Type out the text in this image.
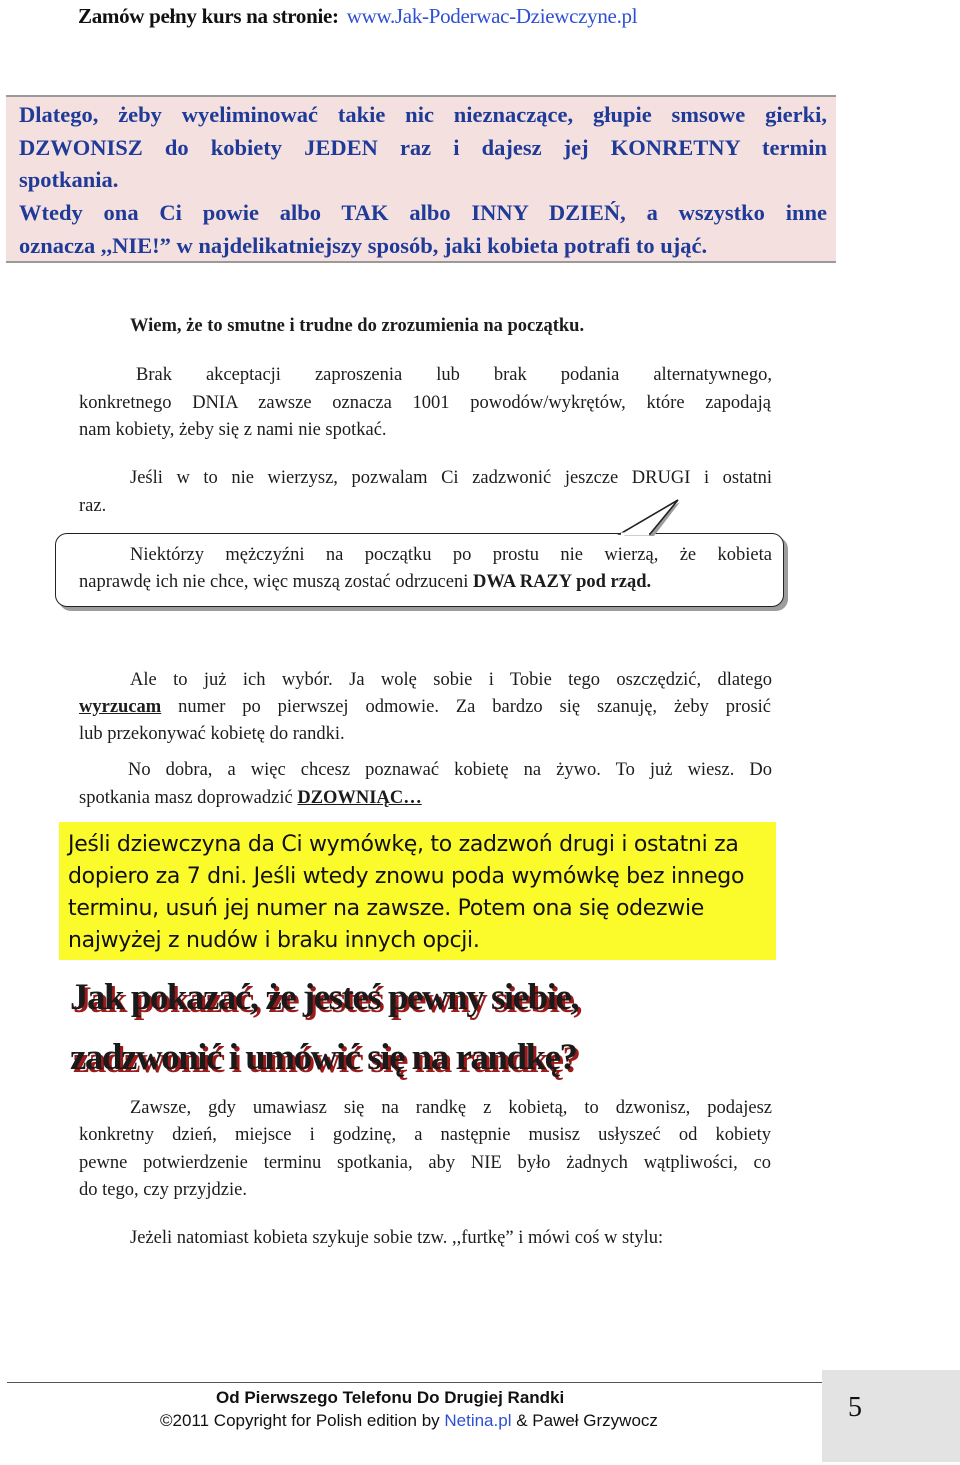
Zamów pełny kurs na stronie: www.Jak-Poderwac-Dziewczyne.pl
Dlatego, żeby wyeliminować takie nic nieznaczące, głupie smsowe gierki,
DZWONISZ do kobiety JEDEN raz i dajesz jej KONRETNY termin
spotkania.
Wtedy ona Ci powie albo TAK albo INNY DZIEŃ, a wszystko inne
oznacza ,,NIE!” w najdelikatniejszy sposób, jaki kobieta potrafi to ująć.
Wiem, że to smutne i trudne do zrozumienia na początku.
Brak akceptacji zaproszenia lub brak podania alternatywnego,
konkretnego DNIA zawsze oznacza 1001 powodów/wykrętów, które zapodają
nam kobiety, żeby się z nami nie spotkać.
Jeśli w to nie wierzysz, pozwalam Ci zadzwonić jeszcze DRUGI i ostatni
raz.
Niektórzy mężczyźni na początku po prostu nie wierzą, że kobieta
naprawdę ich nie chce, więc muszą zostać odrzuceni DWA RAZY pod rząd.
Ale to już ich wybór. Ja wolę sobie i Tobie tego oszczędzić, dlatego
wyrzucam numer po pierwszej odmowie. Za bardzo się szanuję, żeby prosić
lub przekonywać kobietę do randki.
No dobra, a więc chcesz poznawać kobietę na żywo. To już wiesz. Do
spotkania masz doprowadzić DZOWNIĄC…
Jeśli dziewczyna da Ci wymówkę, to zadzwoń drugi i ostatni za
dopiero za 7 dni. Jeśli wtedy znowu poda wymówkę bez innego
terminu, usuń jej numer na zawsze. Potem ona się odezwie
najwyżej z nudów i braku innych opcji.
Jak pokazać, że jesteś pewny siebie,
zadzwonić i umówić się na randkę?
Zawsze, gdy umawiasz się na randkę z kobietą, to dzwonisz, podajesz
konkretny dzień, miejsce i godzinę, a następnie musisz usłyszeć od kobiety
pewne potwierdzenie terminu spotkania, aby NIE było żadnych wątpliwości, co
do tego, czy przyjdzie.
Jeżeli natomiast kobieta szykuje sobie tzw. ,,furtkę” i mówi coś w stylu:
Od Pierwszego Telefonu Do Drugiej Randki
©2011 Copyright for Polish edition by Netina.pl & Paweł Grzywocz	5
